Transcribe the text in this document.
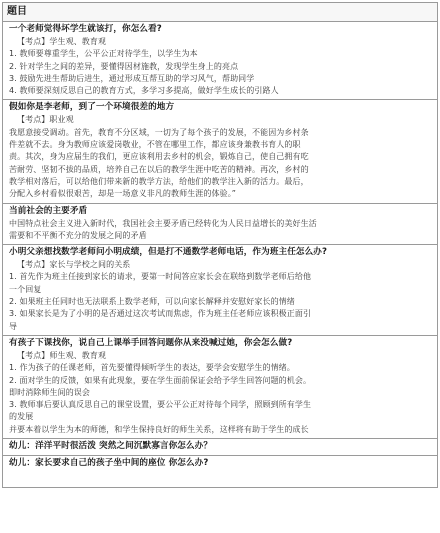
题目
一个老师觉得坏学生就该打，你怎么看?
【考点】学生观、教育观
1. 教师要尊重学生，公平公正对待学生，以学生为本
2. 针对学生之间的差异，要懂得因材施教，发现学生身上的亮点
3. 鼓励先进生帮助后进生，通过形成互帮互助的学习风气，帮助同学
4. 教师要深刻反思自己的教育方式，多学习多提高，做好学生成长的引路人
假如你是李老师，到了一个环境很差的地方
【考点】职业观
我愿意接受调动。首先，教育不分区域，一切为了每个孩子的发展，不能因为乡村条
件差就不去。身为教师应该爱岗敬业，不管在哪里工作，都应该身兼教书育人的职
责。其次，身为应届生的我们，更应该利用去乡村的机会，锻炼自己，使自己拥有吃
苦耐劳、坚韧不拔的品质，培养自己在以后的教学生涯中吃苦的精神。再次，乡村的
教学相对落后，可以给他们带来新的教学方法，给他们的教学注入新的活力。最后，
分配入乡村看似很艰苦，却是一场意义非凡的教师生涯的体验。”
当前社会的主要矛盾
中国特点社会主义进入新时代，我国社会主要矛盾已经转化为人民日益增长的美好生活
需要和不平衡不充分的发展之间的矛盾
小明父亲想找数学老师问小明成绩，但是打不通数学老师电话，作为班主任怎么办?
【考点】家长与学校之间的关系
1. 首先作为班主任接到家长的请求，要第一时间答应家长会在联络到数学老师后给他
一个回复
2. 如果班主任同时也无法联系上数学老师，可以向家长解释并安慰好家长的情绪
3. 如果家长是为了小明的是否通过这次考试而焦虑，作为班主任老师应该积极正面引
导
有孩子下课找你，说自己上课举手回答问题你从来没喊过她，你会怎么做?
【考点】师生观、教育观
1. 作为孩子的任课老师，首先要懂得倾听学生的表达，要学会安慰学生的情绪。
2. 面对学生的反馈，如果有此现象，要在学生面前保证会给予学生回答问题的机会。
即时消除师生间的误会
3. 教师事后要认真反思自己的课堂设置，要公平公正对待每个同学，照顾到所有学生
的发展
并要本着以学生为本的师德，和学生保持良好的师生关系，这样将有助于学生的成长
幼儿：洋洋平时很活泼 突然之间沉默寡言你怎么办？
幼儿：家长要求自己的孩子坐中间的座位 你怎么办?
